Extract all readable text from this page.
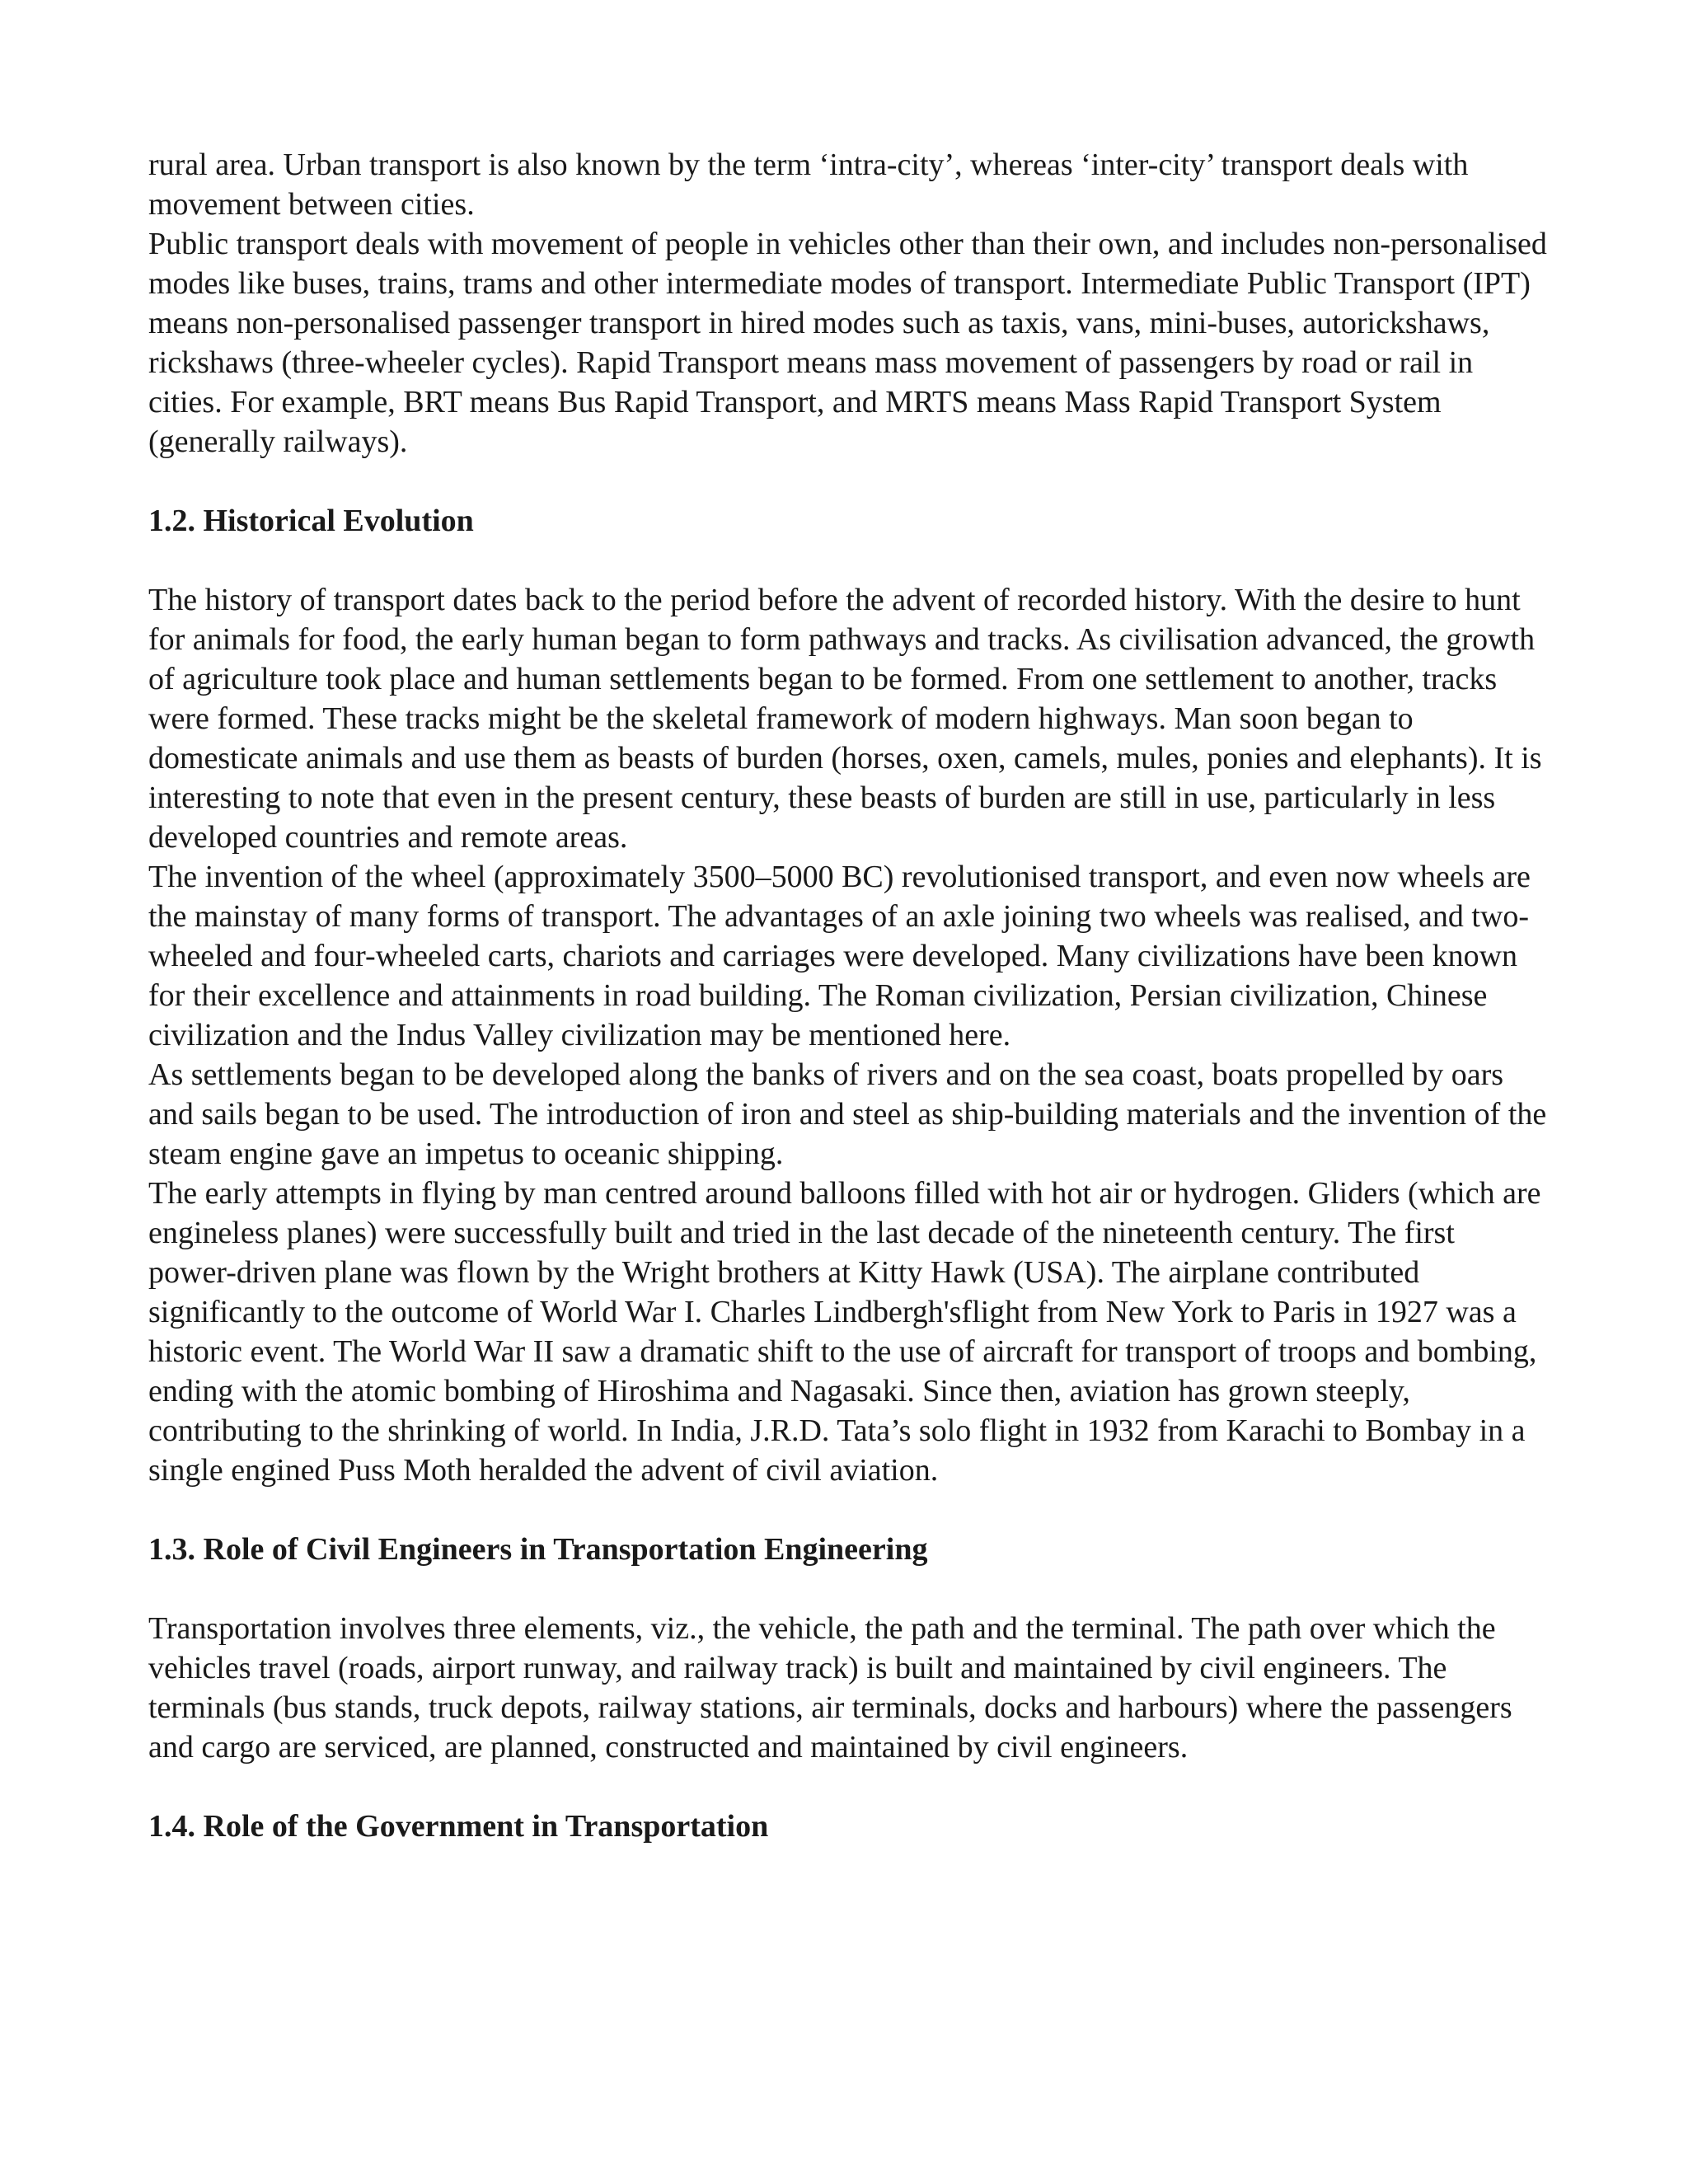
rural area. Urban transport is also known by the term ‘intra-city’, whereas ‘inter-city’ transport deals with movement between cities.

Public transport deals with movement of people in vehicles other than their own, and includes non-personalised modes like buses, trains, trams and other intermediate modes of transport. Intermediate Public Transport (IPT) means non-personalised passenger transport in hired modes such as taxis, vans, mini-buses, autorickshaws, rickshaws (three-wheeler cycles). Rapid Transport means mass movement of passengers by road or rail in cities. For example, BRT means Bus Rapid Transport, and MRTS means Mass Rapid Transport System (generally railways).

1.2. Historical Evolution

The history of transport dates back to the period before the advent of recorded history. With the desire to hunt for animals for food, the early human began to form pathways and tracks. As civilisation advanced, the growth of agriculture took place and human settlements began to be formed. From one settlement to another, tracks were formed. These tracks might be the skeletal framework of modern highways. Man soon began to domesticate animals and use them as beasts of burden (horses, oxen, camels, mules, ponies and elephants). It is interesting to note that even in the present century, these beasts of burden are still in use, particularly in less developed countries and remote areas.

The invention of the wheel (approximately 3500–5000 BC) revolutionised transport, and even now wheels are the mainstay of many forms of transport. The advantages of an axle joining two wheels was realised, and two-wheeled and four-wheeled carts, chariots and carriages were developed. Many civilizations have been known for their excellence and attainments in road building. The Roman civilization, Persian civilization, Chinese civilization and the Indus Valley civilization may be mentioned here.

As settlements began to be developed along the banks of rivers and on the sea coast, boats propelled by oars and sails began to be used. The introduction of iron and steel as ship-building materials and the invention of the steam engine gave an impetus to oceanic shipping.

The early attempts in flying by man centred around balloons filled with hot air or hydrogen. Gliders (which are engineless planes) were successfully built and tried in the last decade of the nineteenth century. The first power-driven plane was flown by the Wright brothers at Kitty Hawk (USA). The airplane contributed significantly to the outcome of World War I. Charles Lindbergh'sflight from New York to Paris in 1927 was a historic event. The World War II saw a dramatic shift to the use of aircraft for transport of troops and bombing, ending with the atomic bombing of Hiroshima and Nagasaki. Since then, aviation has grown steeply, contributing to the shrinking of world. In India, J.R.D. Tata’s solo flight in 1932 from Karachi to Bombay in a single engined Puss Moth heralded the advent of civil aviation.

1.3. Role of Civil Engineers in Transportation Engineering

Transportation involves three elements, viz., the vehicle, the path and the terminal. The path over which the vehicles travel (roads, airport runway, and railway track) is built and maintained by civil engineers. The terminals (bus stands, truck depots, railway stations, air terminals, docks and harbours) where the passengers and cargo are serviced, are planned, constructed and maintained by civil engineers.

1.4. Role of the Government in Transportation
